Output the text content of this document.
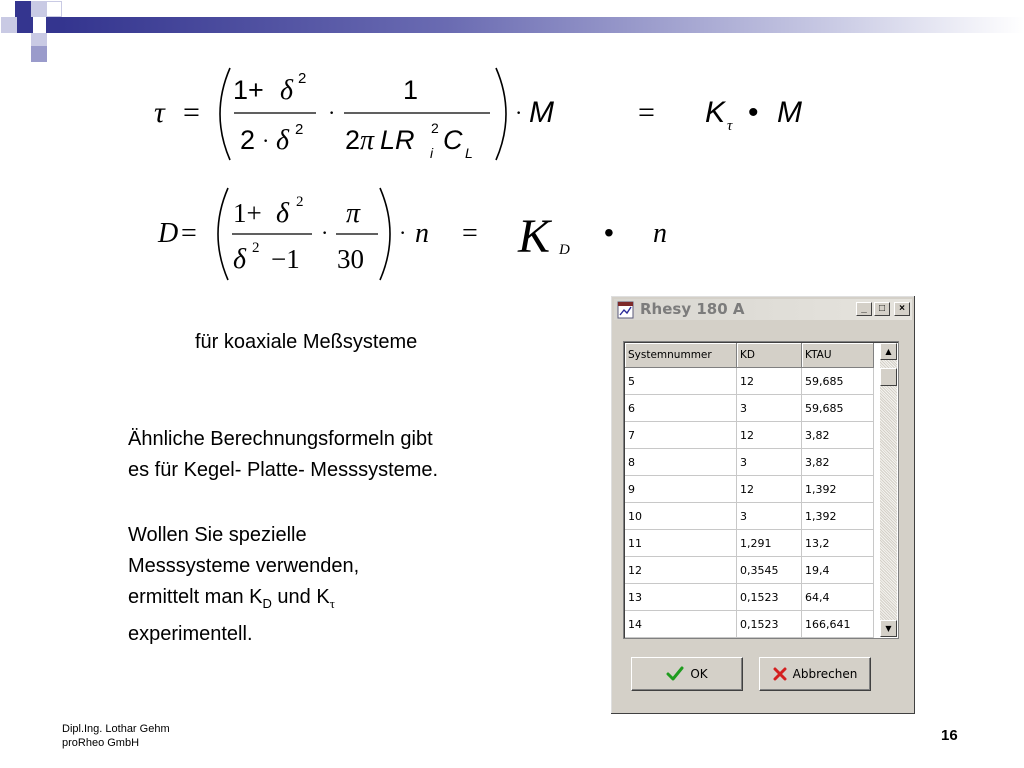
τ =
1+ δ 2
2 · δ 2
·
1
2 π LR 2
i C L
· M	= K τ • M
D =
1+ δ 2
δ 2 −1
·
π
30
· n = K D
• n
für koaxiale Meßsysteme
Ähnliche Berechnungsformeln gibt
es für Kegel- Platte- Messsysteme.
Wollen Sie spezielle
Messsysteme verwenden,
ermittelt man $K_D$ und $K_\tau$
experimentell.
Dipl.Ing. Lothar Gehm
proRheo GmbH	16
Rhesy 180 A	_	□	×
Systemnummer	KD	KTAU
5	12	59,685
6	3	59,685
7	12	3,82
8	3	3,82
9	12	1,392
10	3	1,392
11	1,291	13,2
12	0,3545	19,4
13	0,1523	64,4
14	0,1523	166,641
▲
▼
OK	Abbrechen
